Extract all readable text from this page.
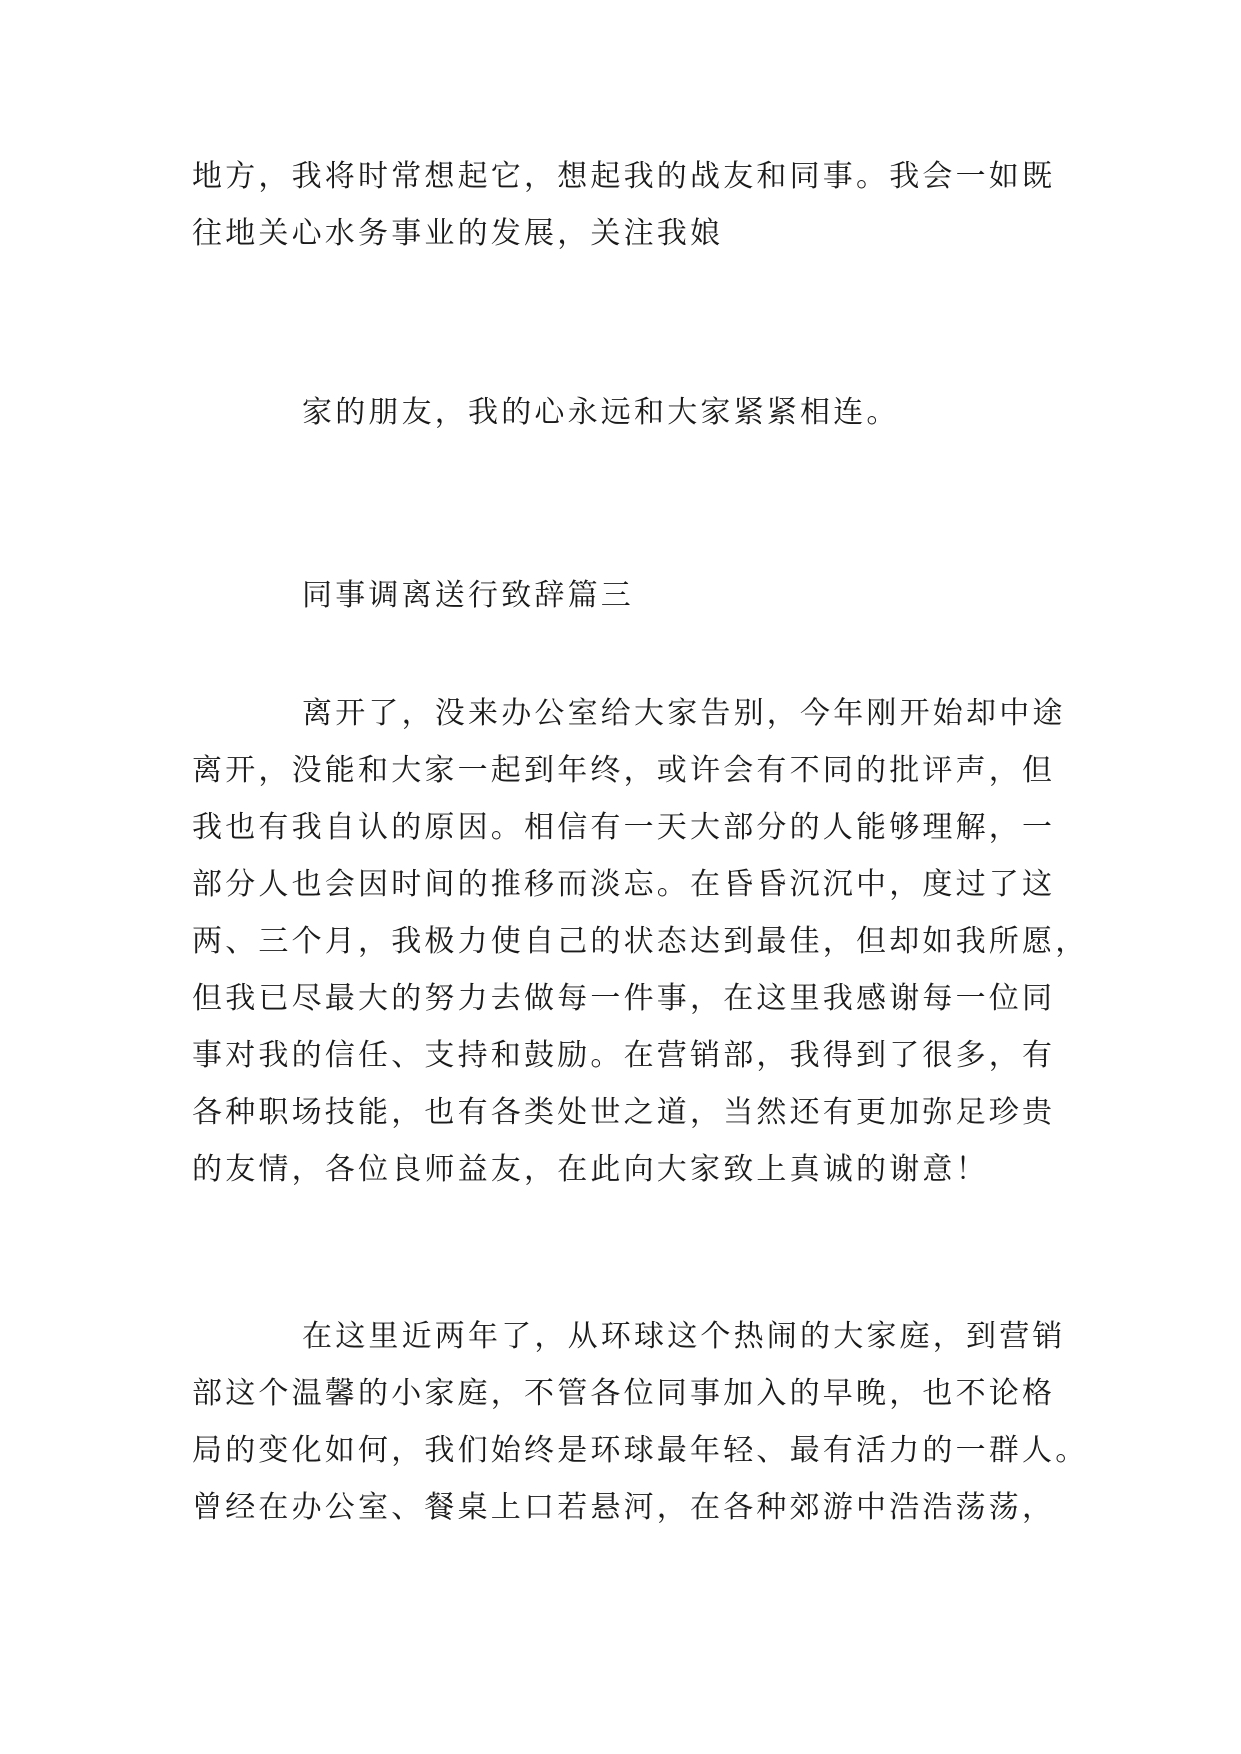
地方，我将时常想起它，想起我的战友和同事。我会一如既
往地关心水务事业的发展，关注我娘
家的朋友，我的心永远和大家紧紧相连。
同事调离送行致辞篇三
离开了，没来办公室给大家告别，今年刚开始却中途
离开，没能和大家一起到年终，或许会有不同的批评声，但
我也有我自认的原因。相信有一天大部分的人能够理解，一
部分人也会因时间的推移而淡忘。在昏昏沉沉中，度过了这
两、三个月，我极力使自己的状态达到最佳，但却如我所愿，
但我已尽最大的努力去做每一件事，在这里我感谢每一位同
事对我的信任、支持和鼓励。在营销部，我得到了很多，有
各种职场技能，也有各类处世之道，当然还有更加弥足珍贵
的友情，各位良师益友，在此向大家致上真诚的谢意！
在这里近两年了，从环球这个热闹的大家庭，到营销
部这个温馨的小家庭，不管各位同事加入的早晚，也不论格
局的变化如何，我们始终是环球最年轻、最有活力的一群人。
曾经在办公室、餐桌上口若悬河，在各种郊游中浩浩荡荡，
